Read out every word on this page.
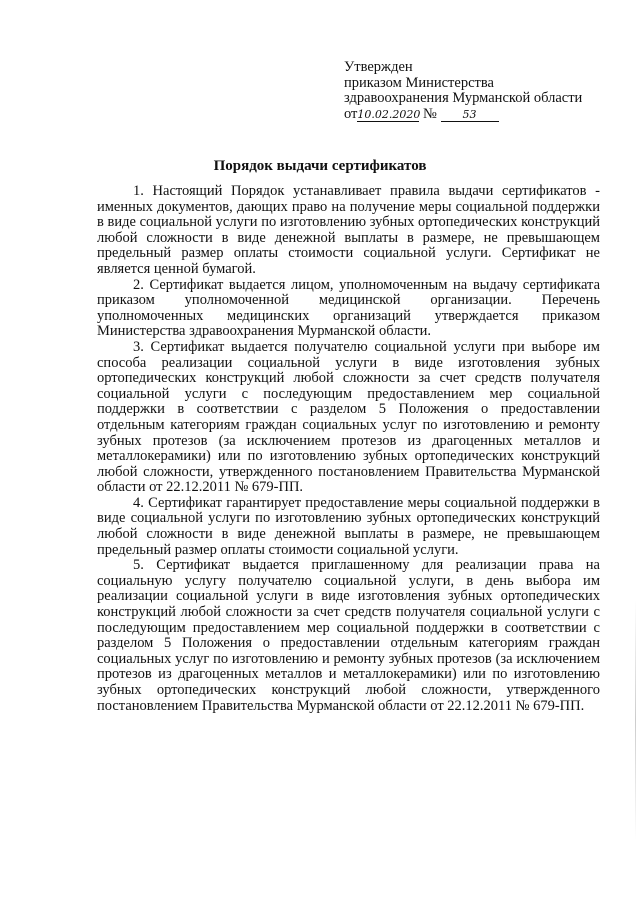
Утвержден
приказом Министерства
здравоохранения Мурманской области
от10.02.2020 № 53
Порядок выдачи сертификатов

1. Настоящий Порядок устанавливает правила выдачи сертификатов - именных документов, дающих право на получение меры социальной поддержки в виде социальной услуги по изготовлению зубных ортопедических конструкций любой сложности в виде денежной выплаты в размере, не превышающем предельный размер оплаты стоимости социальной услуги. Сертификат не является ценной бумагой.

2. Сертификат выдается лицом, уполномоченным на выдачу сертификата приказом уполномоченной медицинской организации. Перечень уполномоченных медицинских организаций утверждается приказом Министерства здравоохранения Мурманской области.

3. Сертификат выдается получателю социальной услуги при выборе им способа реализации социальной услуги в виде изготовления зубных ортопедических конструкций любой сложности за счет средств получателя социальной услуги с последующим предоставлением мер социальной поддержки в соответствии с разделом 5 Положения о предоставлении отдельным категориям граждан социальных услуг по изготовлению и ремонту зубных протезов (за исключением протезов из драгоценных металлов и металлокерамики) или по изготовлению зубных ортопедических конструкций любой сложности, утвержденного постановлением Правительства Мурманской области от 22.12.2011 № 679-ПП.

4. Сертификат гарантирует предоставление меры социальной поддержки в виде социальной услуги по изготовлению зубных ортопедических конструкций любой сложности в виде денежной выплаты в размере, не превышающем предельный размер оплаты стоимости социальной услуги.

5. Сертификат выдается приглашенному для реализации права на социальную услугу получателю социальной услуги, в день выбора им реализации социальной услуги в виде изготовления зубных ортопедических конструкций любой сложности за счет средств получателя социальной услуги с последующим предоставлением мер социальной поддержки в соответствии с разделом 5 Положения о предоставлении отдельным категориям граждан социальных услуг по изготовлению и ремонту зубных протезов (за исключением протезов из драгоценных металлов и металлокерамики) или по изготовлению зубных ортопедических конструкций любой сложности, утвержденного постановлением Правительства Мурманской области от 22.12.2011 № 679-ПП.
